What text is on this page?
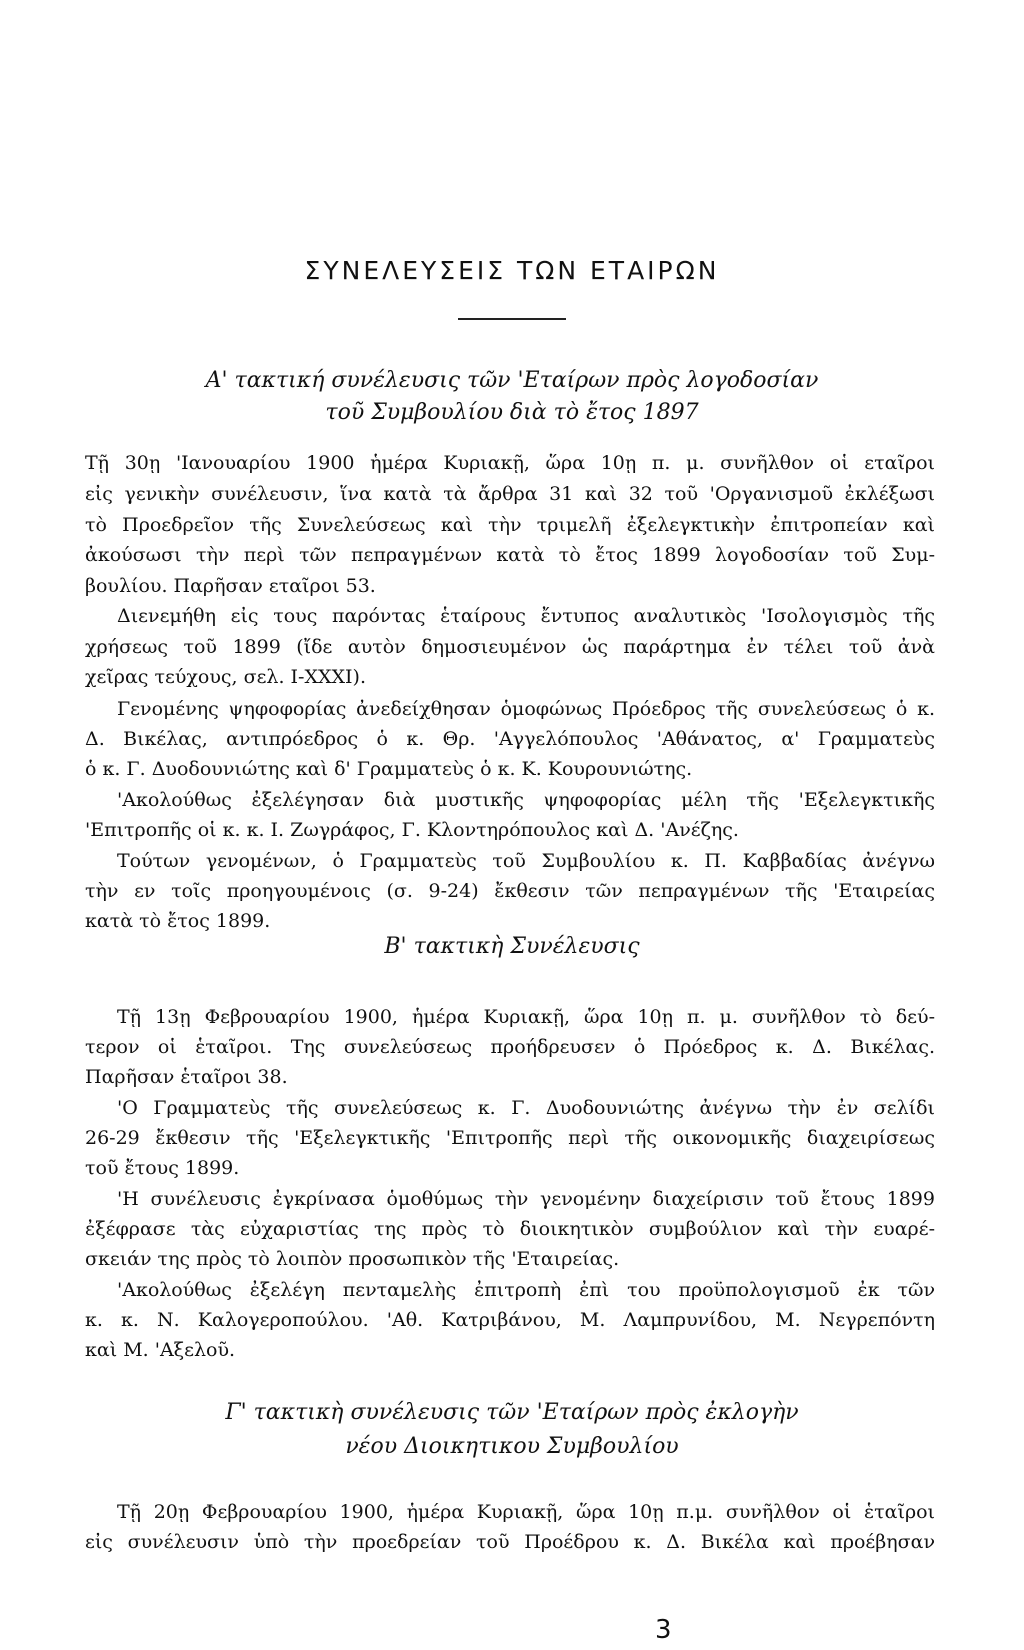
ΣΥΝΕΛΕΥΣΕΙΣ ΤΩΝ ΕΤΑΙΡΩΝ
Α' τακτική συνέλευσις τῶν 'Εταίρων πρὸς λογοδοσίαν
τοῦ Συμβουλίου διὰ τὸ ἔτος 1897
Τῇ 30ῃ 'Ιανουαρίου 1900 ἡμέρα Κυριακῇ, ὥρα 10ῃ π. μ. συνῆλθον οἱ εταῖροι
εἰς γενικὴν συνέλευσιν, ἵνα κατὰ τὰ ἄρθρα 31 καὶ 32 τοῦ 'Οργανισμοῦ ἐκλέξωσι
τὸ Προεδρεῖον τῆς Συνελεύσεως καὶ τὴν τριμελῆ ἐξελεγκτικὴν ἐπιτροπείαν καὶ
ἀκούσωσι τὴν περὶ τῶν πεπραγμένων κατὰ τὸ ἔτος 1899 λογοδοσίαν τοῦ Συμ-
βουλίου. Παρῆσαν εταῖροι 53.
Διενεμήθη εἰς τους παρόντας ἑταίρους ἔντυπος αναλυτικὸς 'Ισολογισμὸς τῆς
χρήσεως τοῦ 1899 (ἴδε αυτὸν δημοσιευμένον ὡς παράρτημα ἐν τέλει τοῦ ἀνὰ
χεῖρας τεύχους, σελ. Ι-ΧΧΧΙ).
Γενομένης ψηφοφορίας ἀνεδείχθησαν ὁμοφώνως Πρόεδρος τῆς συνελεύσεως ὁ κ.
Δ. Βικέλας, αντιπρόεδρος ὁ κ. Θρ. 'Αγγελόπουλος 'Αθάνατος, α' Γραμματεὺς
ὁ κ. Γ. Δυοδουνιώτης καὶ δ' Γραμματεὺς ὁ κ. Κ. Κουρουνιώτης.
'Ακολούθως ἐξελέγησαν διὰ μυστικῆς ψηφοφορίας μέλη τῆς 'Εξελεγκτικῆς
'Επιτροπῆς οἱ κ. κ. Ι. Ζωγράφος, Γ. Κλοντηρόπουλος καὶ Δ. 'Ανέζης.
Τούτων γενομένων, ὁ Γραμματεὺς τοῦ Συμβουλίου κ. Π. Καββαδίας ἀνέγνω
τὴν εν τοῖς προηγουμένοις (σ. 9-24) ἔκθεσιν τῶν πεπραγμένων τῆς 'Εταιρείας
κατὰ τὸ ἔτος 1899.
Β' τακτικὴ Συνέλευσις
Τῇ 13ῃ Φεβρουαρίου 1900, ἡμέρα Κυριακῇ, ὥρα 10ῃ π. μ. συνῆλθον τὸ δεύ-
τερον οἱ ἑταῖροι. Της συνελεύσεως προήδρευσεν ὁ Πρόεδρος κ. Δ. Βικέλας.
Παρῆσαν ἑταῖροι 38.
'Ο Γραμματεὺς τῆς συνελεύσεως κ. Γ. Δυοδουνιώτης ἀνέγνω τὴν ἐν σελίδι
26-29 ἔκθεσιν τῆς 'Εξελεγκτικῆς 'Επιτροπῆς περὶ τῆς οικονομικῆς διαχειρίσεως
τοῦ ἔτους 1899.
'Η συνέλευσις ἐγκρίνασα ὁμοθύμως τὴν γενομένην διαχείρισιν τοῦ ἔτους 1899
ἐξέφρασε τὰς εὐχαριστίας της πρὸς τὸ διοικητικὸν συμβούλιον καὶ τὴν ευαρέ-
σκειάν της πρὸς τὸ λοιπὸν προσωπικὸν τῆς 'Εταιρείας.
'Ακολούθως ἐξελέγη πενταμελὴς ἐπιτροπὴ ἐπὶ του προϋπολογισμοῦ ἐκ τῶν
κ. κ. Ν. Καλογεροπούλου. 'Αθ. Κατριβάνου, Μ. Λαμπρυνίδου, Μ. Νεγρεπόντη
καὶ Μ. 'Αξελοῦ.
Γ' τακτικὴ συνέλευσις τῶν 'Εταίρων πρὸς ἐκλογὴν
νέου Διοικητικου Συμβουλίου
Τῇ 20ῃ Φεβρουαρίου 1900, ἡμέρα Κυριακῇ, ὥρα 10ῃ π.μ. συνῆλθον οἱ ἑταῖροι
εἰς συνέλευσιν ὑπὸ τὴν προεδρείαν τοῦ Προέδρου κ. Δ. Βικέλα καὶ προέβησαν
3
